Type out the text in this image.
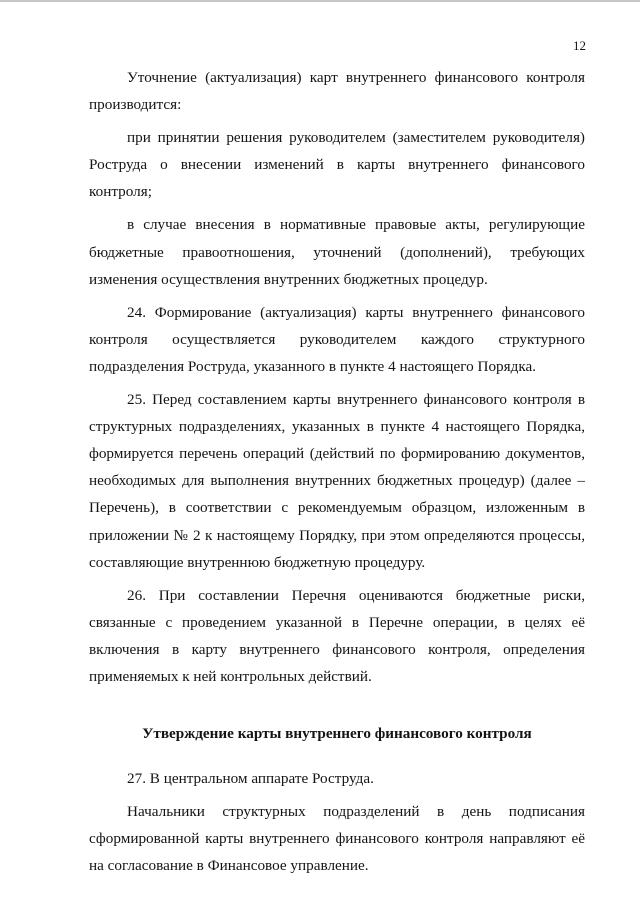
12

Уточнение (актуализация) карт внутреннего финансового контроля производится:

при принятии решения руководителем (заместителем руководителя) Роструда о внесении изменений в карты внутреннего финансового контроля;

в случае внесения в нормативные правовые акты, регулирующие бюджетные правоотношения, уточнений (дополнений), требующих изменения осуществления внутренних бюджетных процедур.

24. Формирование (актуализация) карты внутреннего финансового контроля осуществляется руководителем каждого структурного подразделения Роструда, указанного в пункте 4 настоящего Порядка.

25. Перед составлением карты внутреннего финансового контроля в структурных подразделениях, указанных в пункте 4 настоящего Порядка, формируется перечень операций (действий по формированию документов, необходимых для выполнения внутренних бюджетных процедур) (далее – Перечень), в соответствии с рекомендуемым образцом, изложенным в приложении № 2 к настоящему Порядку, при этом определяются процессы, составляющие внутреннюю бюджетную процедуру.

26. При составлении Перечня оцениваются бюджетные риски, связанные с проведением указанной в Перечне операции, в целях её включения в карту внутреннего финансового контроля, определения применяемых к ней контрольных действий.

Утверждение карты внутреннего финансового контроля

27. В центральном аппарате Роструда.

Начальники структурных подразделений в день подписания сформированной карты внутреннего финансового контроля направляют её на согласование в Финансовое управление.
